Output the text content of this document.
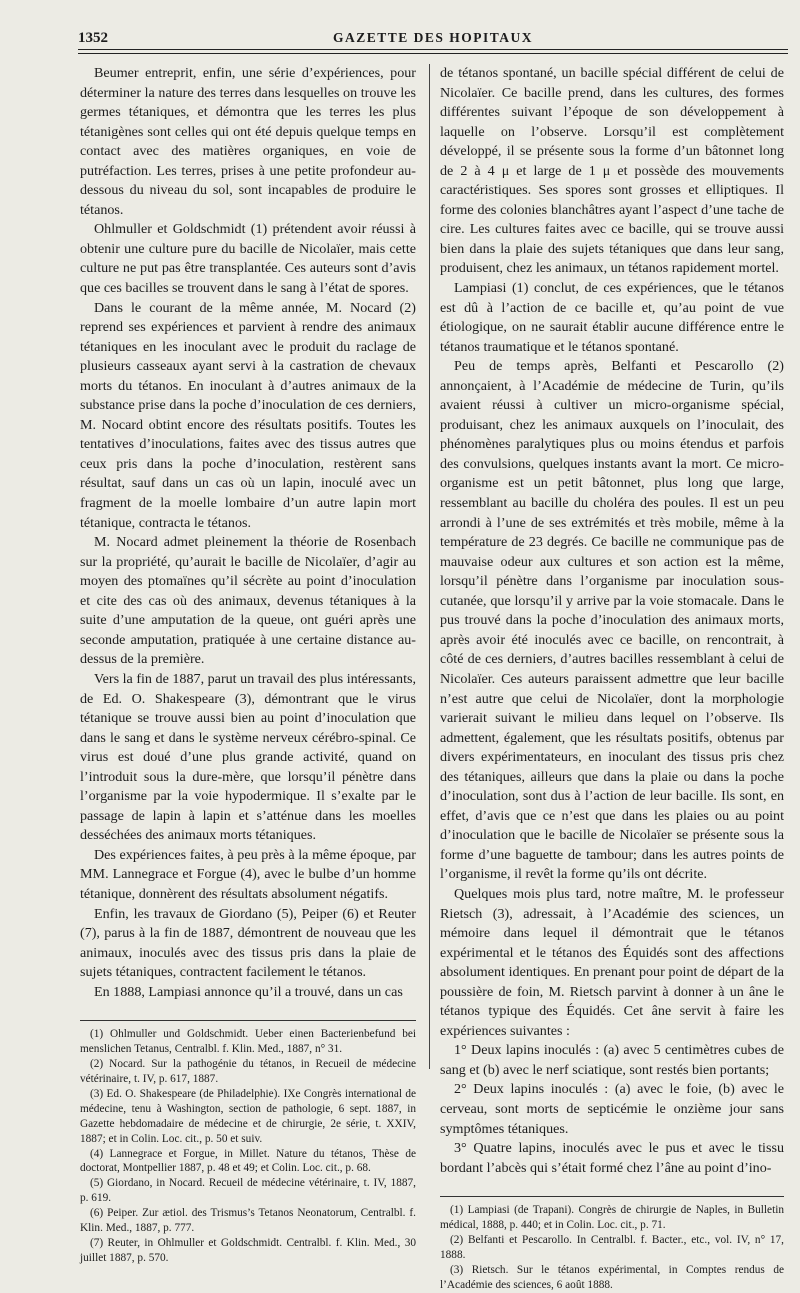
1352	GAZETTE DES HOPITAUX

Beumer entreprit, enfin, une série d’expériences, pour déterminer la nature des terres dans lesquelles on trouve les germes tétaniques, et démontra que les terres les plus tétanigènes sont celles qui ont été depuis quelque temps en contact avec des matières organiques, en voie de putréfaction. Les terres, prises à une petite profondeur au-dessous du niveau du sol, sont incapables de produire le tétanos.

Ohlmuller et Goldschmidt (1) prétendent avoir réussi à obtenir une culture pure du bacille de Nicolaïer, mais cette culture ne put pas être transplantée. Ces auteurs sont d’avis que ces bacilles se trouvent dans le sang à l’état de spores.

Dans le courant de la même année, M. Nocard (2) reprend ses expériences et parvient à rendre des animaux tétaniques en les inoculant avec le produit du raclage de plusieurs casseaux ayant servi à la castration de chevaux morts du tétanos. En inoculant à d’autres animaux de la substance prise dans la poche d’inoculation de ces derniers, M. Nocard obtint encore des résultats positifs. Toutes les tentatives d’inoculations, faites avec des tissus autres que ceux pris dans la poche d’inoculation, restèrent sans résultat, sauf dans un cas où un lapin, inoculé avec un fragment de la moelle lombaire d’un autre lapin mort tétanique, contracta le tétanos.

M. Nocard admet pleinement la théorie de Rosenbach sur la propriété, qu’aurait le bacille de Nicolaïer, d’agir au moyen des ptomaïnes qu’il sécrète au point d’inoculation et cite des cas où des animaux, devenus tétaniques à la suite d’une amputation de la queue, ont guéri après une seconde amputation, pratiquée à une certaine distance au-dessus de la première.

Vers la fin de 1887, parut un travail des plus intéressants, de Ed. O. Shakespeare (3), démontrant que le virus tétanique se trouve aussi bien au point d’inoculation que dans le sang et dans le système nerveux cérébro-spinal. Ce virus est doué d’une plus grande activité, quand on l’introduit sous la dure-mère, que lorsqu’il pénètre dans l’organisme par la voie hypodermique. Il s’exalte par le passage de lapin à lapin et s’atténue dans les moelles desséchées des animaux morts tétaniques.

Des expériences faites, à peu près à la même époque, par MM. Lannegrace et Forgue (4), avec le bulbe d’un homme tétanique, donnèrent des résultats absolument négatifs.

Enfin, les travaux de Giordano (5), Peiper (6) et Reuter (7), parus à la fin de 1887, démontrent de nouveau que les animaux, inoculés avec des tissus pris dans la plaie de sujets tétaniques, contractent facilement le tétanos.

En 1888, Lampiasi annonce qu’il a trouvé, dans un cas

(1) Ohlmuller und Goldschmidt. Ueber einen Bacterienbefund bei menslichen Tetanus, Centralbl. f. Klin. Med., 1887, n° 31.

(2) Nocard. Sur la pathogénie du tétanos, in Recueil de médecine vétérinaire, t. IV, p. 617, 1887.

(3) Ed. O. Shakespeare (de Philadelphie). IXe Congrès international de médecine, tenu à Washington, section de pathologie, 6 sept. 1887, in Gazette hebdomadaire de médecine et de chirurgie, 2e série, t. XXIV, 1887; et in Colin. Loc. cit., p. 50 et suiv.

(4) Lannegrace et Forgue, in Millet. Nature du tétanos, Thèse de doctorat, Montpellier 1887, p. 48 et 49; et Colin. Loc. cit., p. 68.

(5) Giordano, in Nocard. Recueil de médecine vétérinaire, t. IV, 1887, p. 619.

(6) Peiper. Zur ætiol. des Trismus’s Tetanos Neonatorum, Centralbl. f. Klin. Med., 1887, p. 777.

(7) Reuter, in Ohlmuller et Goldschmidt. Centralbl. f. Klin. Med., 30 juillet 1887, p. 570.

de tétanos spontané, un bacille spécial différent de celui de Nicolaïer. Ce bacille prend, dans les cultures, des formes différentes suivant l’époque de son développement à laquelle on l’observe. Lorsqu’il est complètement développé, il se présente sous la forme d’un bâtonnet long de 2 à 4 μ et large de 1 μ et possède des mouvements caractéristiques. Ses spores sont grosses et elliptiques. Il forme des colonies blanchâtres ayant l’aspect d’une tache de cire. Les cultures faites avec ce bacille, qui se trouve aussi bien dans la plaie des sujets tétaniques que dans leur sang, produisent, chez les animaux, un tétanos rapidement mortel.

Lampiasi (1) conclut, de ces expériences, que le tétanos est dû à l’action de ce bacille et, qu’au point de vue étiologique, on ne saurait établir aucune différence entre le tétanos traumatique et le tétanos spontané.

Peu de temps après, Belfanti et Pescarollo (2) annonçaient, à l’Académie de médecine de Turin, qu’ils avaient réussi à cultiver un micro-organisme spécial, produisant, chez les animaux auxquels on l’inoculait, des phénomènes paralytiques plus ou moins étendus et parfois des convulsions, quelques instants avant la mort. Ce micro-organisme est un petit bâtonnet, plus long que large, ressemblant au bacille du choléra des poules. Il est un peu arrondi à l’une de ses extrémités et très mobile, même à la température de 23 degrés. Ce bacille ne communique pas de mauvaise odeur aux cultures et son action est la même, lorsqu’il pénètre dans l’organisme par inoculation sous-cutanée, que lorsqu’il y arrive par la voie stomacale. Dans le pus trouvé dans la poche d’inoculation des animaux morts, après avoir été inoculés avec ce bacille, on rencontrait, à côté de ces derniers, d’autres bacilles ressemblant à celui de Nicolaïer. Ces auteurs paraissent admettre que leur bacille n’est autre que celui de Nicolaïer, dont la morphologie varierait suivant le milieu dans lequel on l’observe. Ils admettent, également, que les résultats positifs, obtenus par divers expérimentateurs, en inoculant des tissus pris chez des tétaniques, ailleurs que dans la plaie ou dans la poche d’inoculation, sont dus à l’action de leur bacille. Ils sont, en effet, d’avis que ce n’est que dans les plaies ou au point d’inoculation que le bacille de Nicolaïer se présente sous la forme d’une baguette de tambour; dans les autres points de l’organisme, il revêt la forme qu’ils ont décrite.

Quelques mois plus tard, notre maître, M. le professeur Rietsch (3), adressait, à l’Académie des sciences, un mémoire dans lequel il démontrait que le tétanos expérimental et le tétanos des Équidés sont des affections absolument identiques. En prenant pour point de départ de la poussière de foin, M. Rietsch parvint à donner à un âne le tétanos typique des Équidés. Cet âne servit à faire les expériences suivantes :

1° Deux lapins inoculés : (a) avec 5 centimètres cubes de sang et (b) avec le nerf sciatique, sont restés bien portants;

2° Deux lapins inoculés : (a) avec le foie, (b) avec le cerveau, sont morts de septicémie le onzième jour sans symptômes tétaniques.

3° Quatre lapins, inoculés avec le pus et avec le tissu bordant l’abcès qui s’était formé chez l’âne au point d’ino-

(1) Lampiasi (de Trapani). Congrès de chirurgie de Naples, in Bulletin médical, 1888, p. 440; et in Colin. Loc. cit., p. 71.

(2) Belfanti et Pescarollo. In Centralbl. f. Bacter., etc., vol. IV, n° 17, 1888.

(3) Rietsch. Sur le tétanos expérimental, in Comptes rendus de l’Académie des sciences, 6 août 1888.
